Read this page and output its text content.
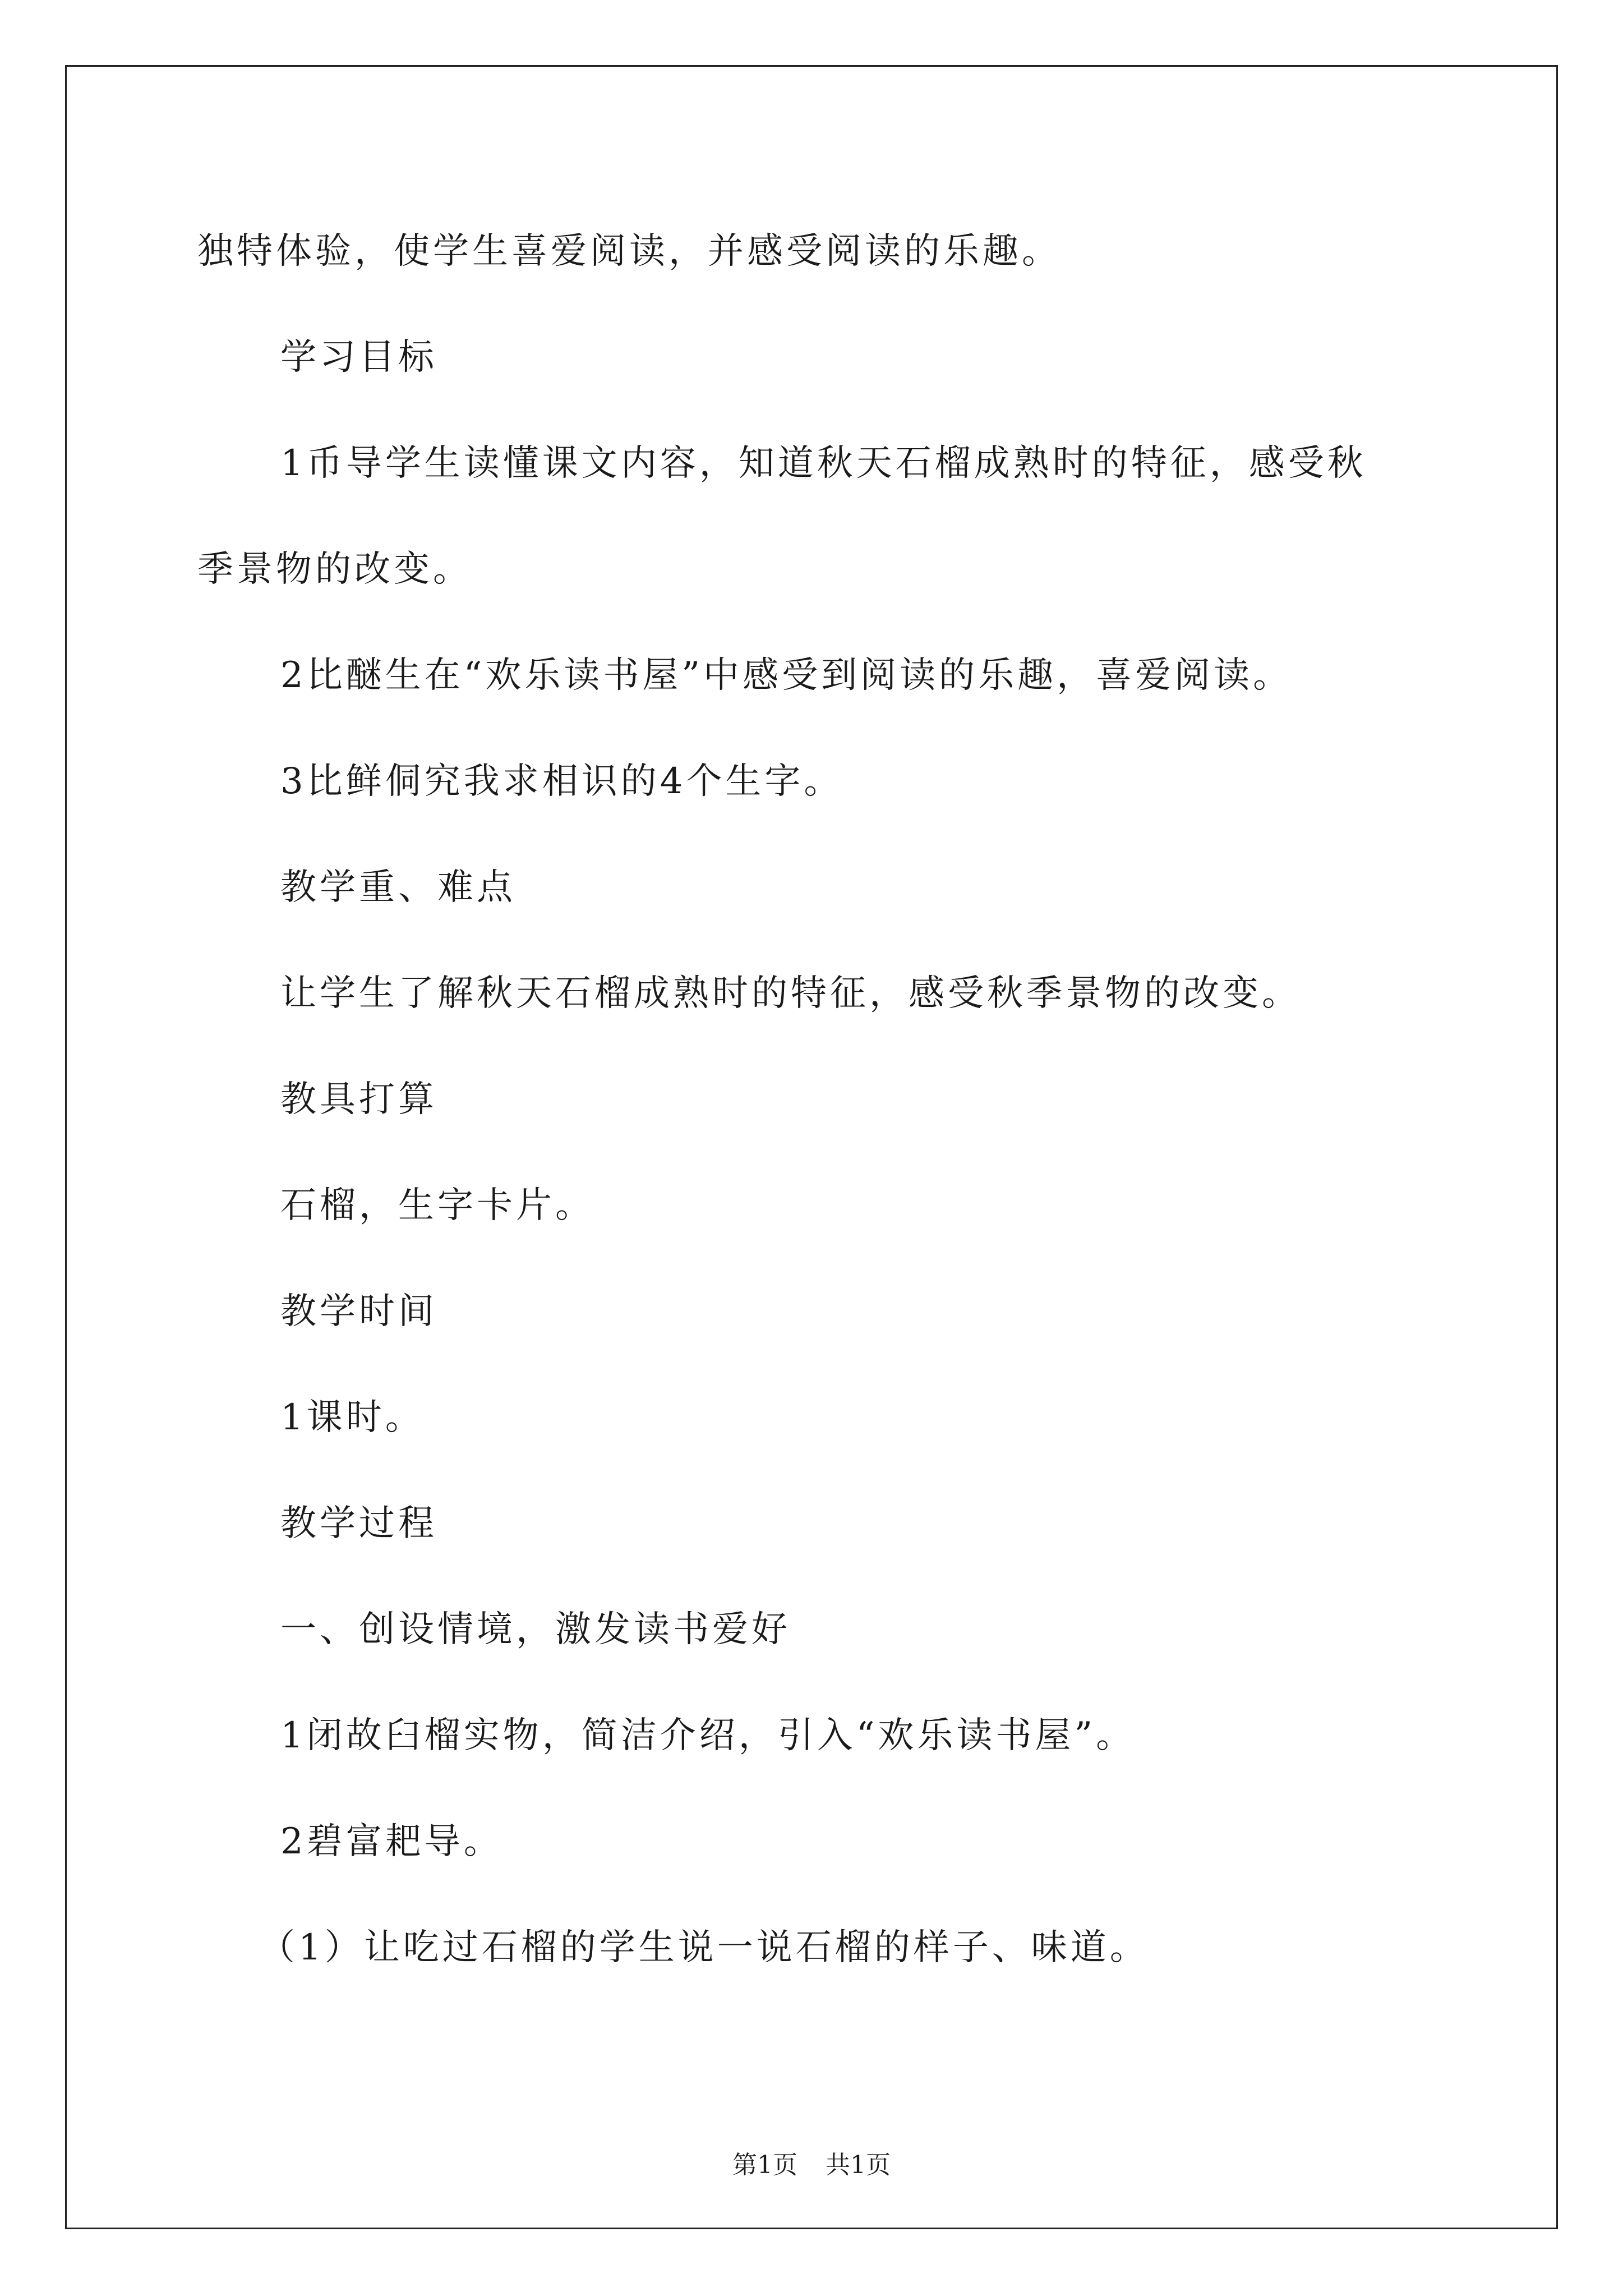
独特体验，使学生喜爱阅读，并感受阅读的乐趣。
学习目标
1币导学生读懂课文内容，知道秋天石榴成熟时的特征，感受秋
季景物的改变。
2比醚生在“欢乐读书屋”中感受到阅读的乐趣，喜爱阅读。
3比鲜侗究我求相识的4个生字。
教学重、难点
让学生了解秋天石榴成熟时的特征，感受秋季景物的改变。
教具打算
石榴，生字卡片。
教学时间
1课时。
教学过程
一、创设情境，激发读书爱好
1闭故臼榴实物，简洁介绍，引入“欢乐读书屋”。
2碧富耙导。
（1）让吃过石榴的学生说一说石榴的样子、味道。
第1页 共1页
